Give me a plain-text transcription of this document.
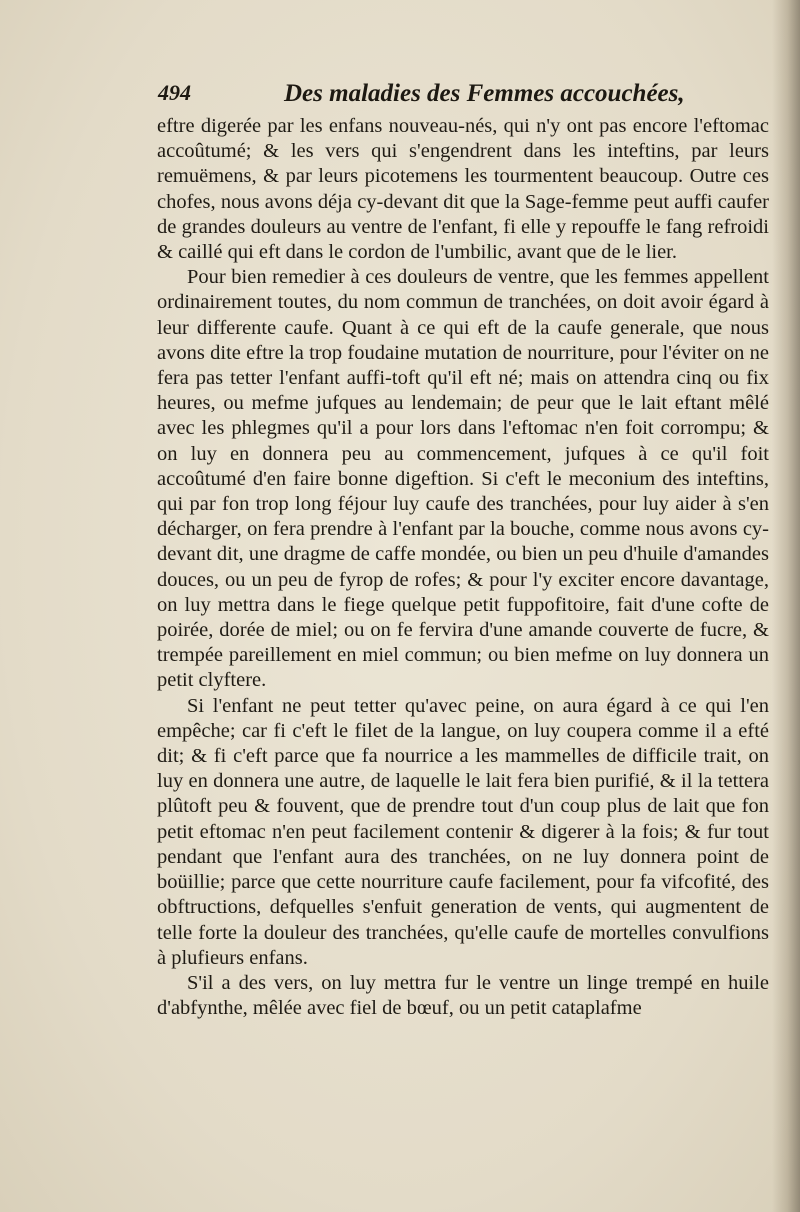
494	Des maladies des Femmes accouchées,

eftre digerée par les enfans nouveau-nés, qui n'y ont pas encore l'eftomac accoûtumé; & les vers qui s'engendrent dans les inteftins, par leurs remuëmens, & par leurs picotemens les tourmentent beaucoup. Outre ces chofes, nous avons déja cy-devant dit que la Sage-femme peut auffi caufer de grandes douleurs au ventre de l'enfant, fi elle y repouffe le fang refroidi & caillé qui eft dans le cordon de l'umbilic, avant que de le lier.

Pour bien remedier à ces douleurs de ventre, que les femmes appellent ordinairement toutes, du nom commun de tranchées, on doit avoir égard à leur differente caufe. Quant à ce qui eft de la caufe generale, que nous avons dite eftre la trop foudaine mutation de nourriture, pour l'éviter on ne fera pas tetter l'enfant auffi-toft qu'il eft né; mais on attendra cinq ou fix heures, ou mefme jufques au lendemain; de peur que le lait eftant mêlé avec les phlegmes qu'il a pour lors dans l'eftomac n'en foit corrompu; & on luy en donnera peu au commencement, jufques à ce qu'il foit accoûtumé d'en faire bonne digeftion. Si c'eft le meconium des inteftins, qui par fon trop long féjour luy caufe des tranchées, pour luy aider à s'en décharger, on fera prendre à l'enfant par la bouche, comme nous avons cy-devant dit, une dragme de caffe mondée, ou bien un peu d'huile d'amandes douces, ou un peu de fyrop de rofes; & pour l'y exciter encore davantage, on luy mettra dans le fiege quelque petit fuppofitoire, fait d'une cofte de poirée, dorée de miel; ou on fe fervira d'une amande couverte de fucre, & trempée pareillement en miel commun; ou bien mefme on luy donnera un petit clyftere.

Si l'enfant ne peut tetter qu'avec peine, on aura égard à ce qui l'en empêche; car fi c'eft le filet de la langue, on luy coupera comme il a efté dit; & fi c'eft parce que fa nourrice a les mammelles de difficile trait, on luy en donnera une autre, de laquelle le lait fera bien purifié, & il la tettera plûtoft peu & fouvent, que de prendre tout d'un coup plus de lait que fon petit eftomac n'en peut facilement contenir & digerer à la fois; & fur tout pendant que l'enfant aura des tranchées, on ne luy donnera point de boüillie; parce que cette nourriture caufe facilement, pour fa vifcofité, des obftructions, defquelles s'enfuit generation de vents, qui augmentent de telle forte la douleur des tranchées, qu'elle caufe de mortelles convulfions à plufieurs enfans.

S'il a des vers, on luy mettra fur le ventre un linge trempé en huile d'abfynthe, mêlée avec fiel de bœuf, ou un petit cataplafme
